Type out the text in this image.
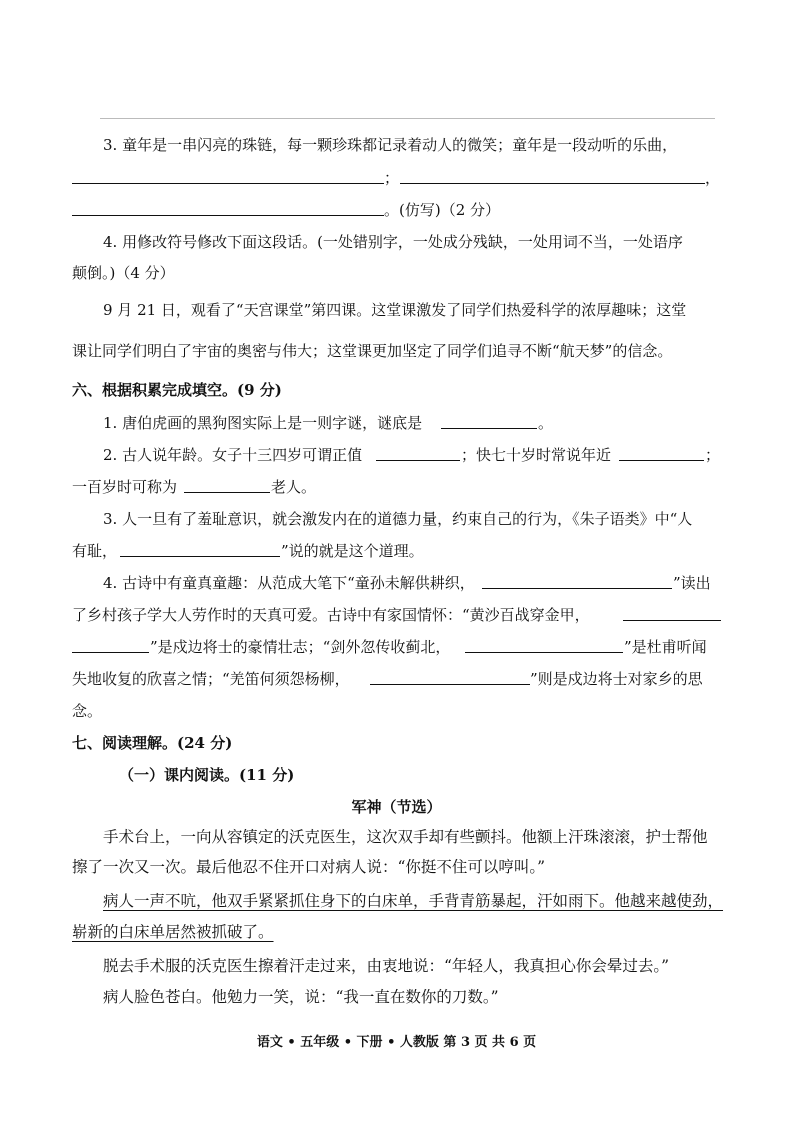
3. 童年是一串闪亮的珠链，每一颗珍珠都记录着动人的微笑；童年是一段动听的乐曲，
；	，
。(仿写)（2 分）
4. 用修改符号修改下面这段话。(一处错别字，一处成分残缺，一处用词不当，一处语序
颠倒。)（4 分）
9 月 21 日，观看了“天宫课堂”第四课。这堂课激发了同学们热爱科学的浓厚趣味；这堂
课让同学们明白了宇宙的奥密与伟大；这堂课更加坚定了同学们追寻不断“航天梦”的信念。
六、根据积累完成填空。(9 分)
1. 唐伯虎画的黑狗图实际上是一则字谜，谜底是	。
2. 古人说年龄。女子十三四岁可谓正值	；快七十岁时常说年近	；
一百岁时可称为	老人。
3. 人一旦有了羞耻意识，就会激发内在的道德力量，约束自己的行为，《朱子语类》中“人
有耻，	”说的就是这个道理。
4. 古诗中有童真童趣：从范成大笔下“童孙未解供耕织，	”读出
了乡村孩子学大人劳作时的天真可爱。古诗中有家国情怀：“黄沙百战穿金甲，
”是戍边将士的豪情壮志；“剑外忽传收蓟北，	”是杜甫听闻
失地收复的欣喜之情；“羌笛何须怨杨柳，	”则是戍边将士对家乡的思
念。
七、阅读理解。(24 分)
（一）课内阅读。(11 分)
军神（节选）
手术台上，一向从容镇定的沃克医生，这次双手却有些颤抖。他额上汗珠滚滚，护士帮他
擦了一次又一次。最后他忍不住开口对病人说：“你挺不住可以哼叫。”
病人一声不吭，他双手紧紧抓住身下的白床单，手背青筋暴起，汗如雨下。他越来越使劲，
崭新的白床单居然被抓破了。
脱去手术服的沃克医生擦着汗走过来，由衷地说：“年轻人，我真担心你会晕过去。”
病人脸色苍白。他勉力一笑，说：“我一直在数你的刀数。”
语文 • 五年级 • 下册 • 人教版 第 3 页 共 6 页
